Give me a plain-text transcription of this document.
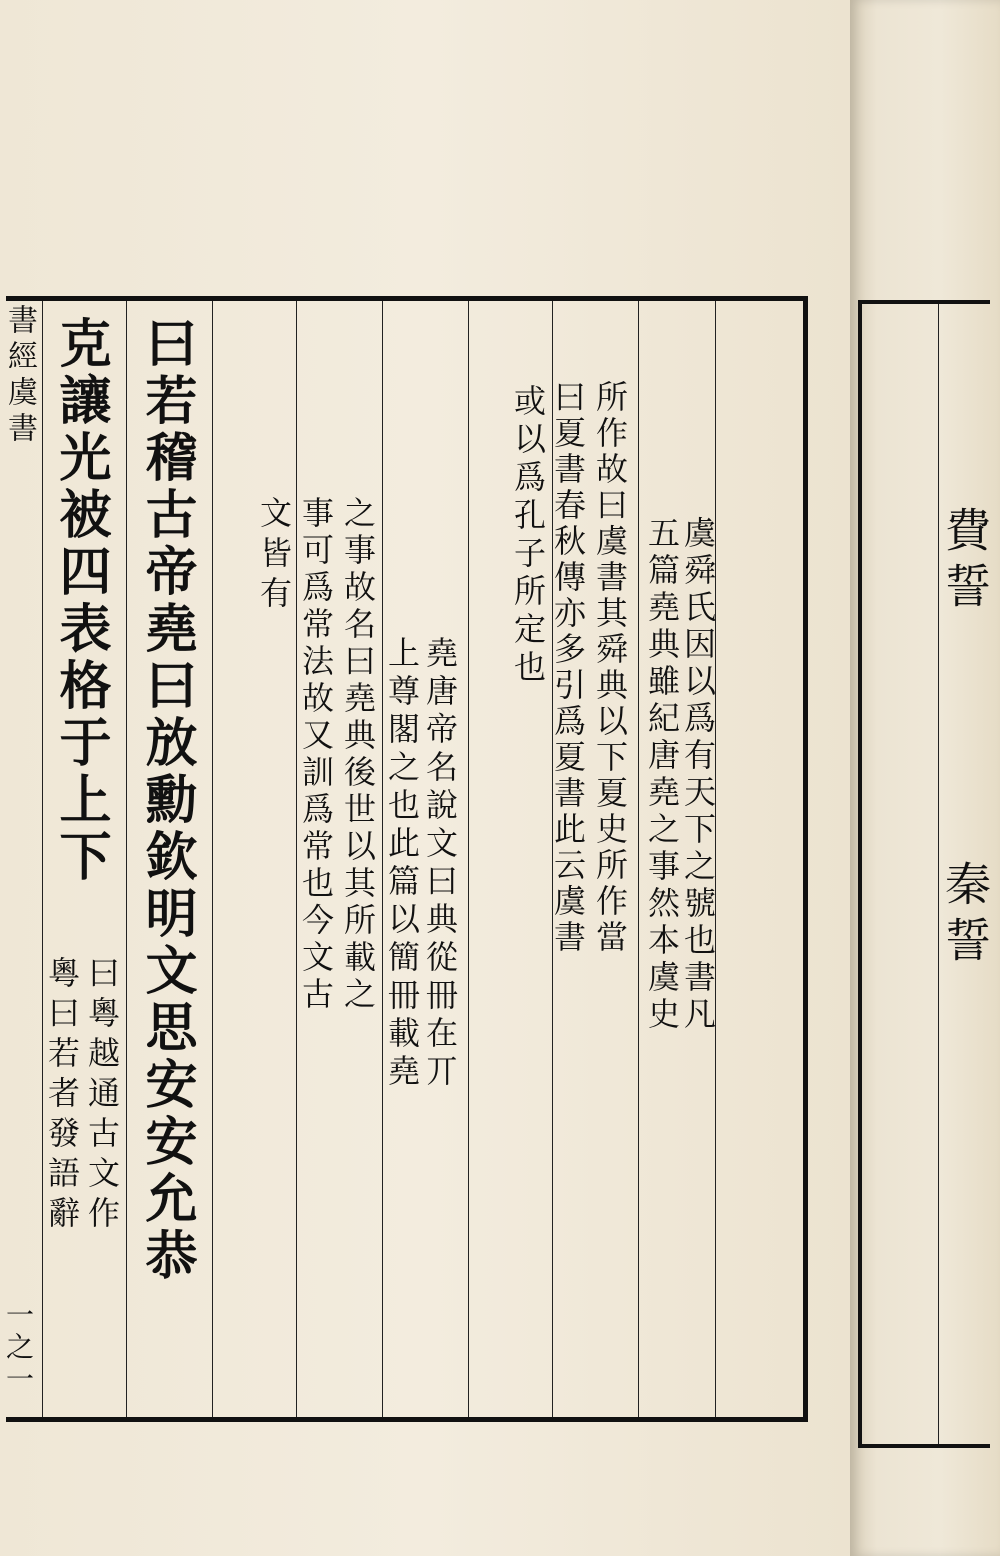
虞舜氏因以爲有天下之號也書凡
五篇堯典雖紀唐堯之事然本虞史
所作故曰虞書其舜典以下夏史所作當
曰夏書春秋傳亦多引爲夏書此云虞書
或以爲孔子所定也
堯唐帝名說文曰典從冊在丌
上尊閣之也此篇以簡冊載堯
之事故名曰堯典後世以其所載之
事可爲常法故又訓爲常也今文古
文皆有
曰若稽古帝堯曰放勳欽明文思安安允恭
克讓光被四表格于上下
曰粵越通古文作
粵曰若者發語辭
書經虞書
一之一
費誓
秦誓
